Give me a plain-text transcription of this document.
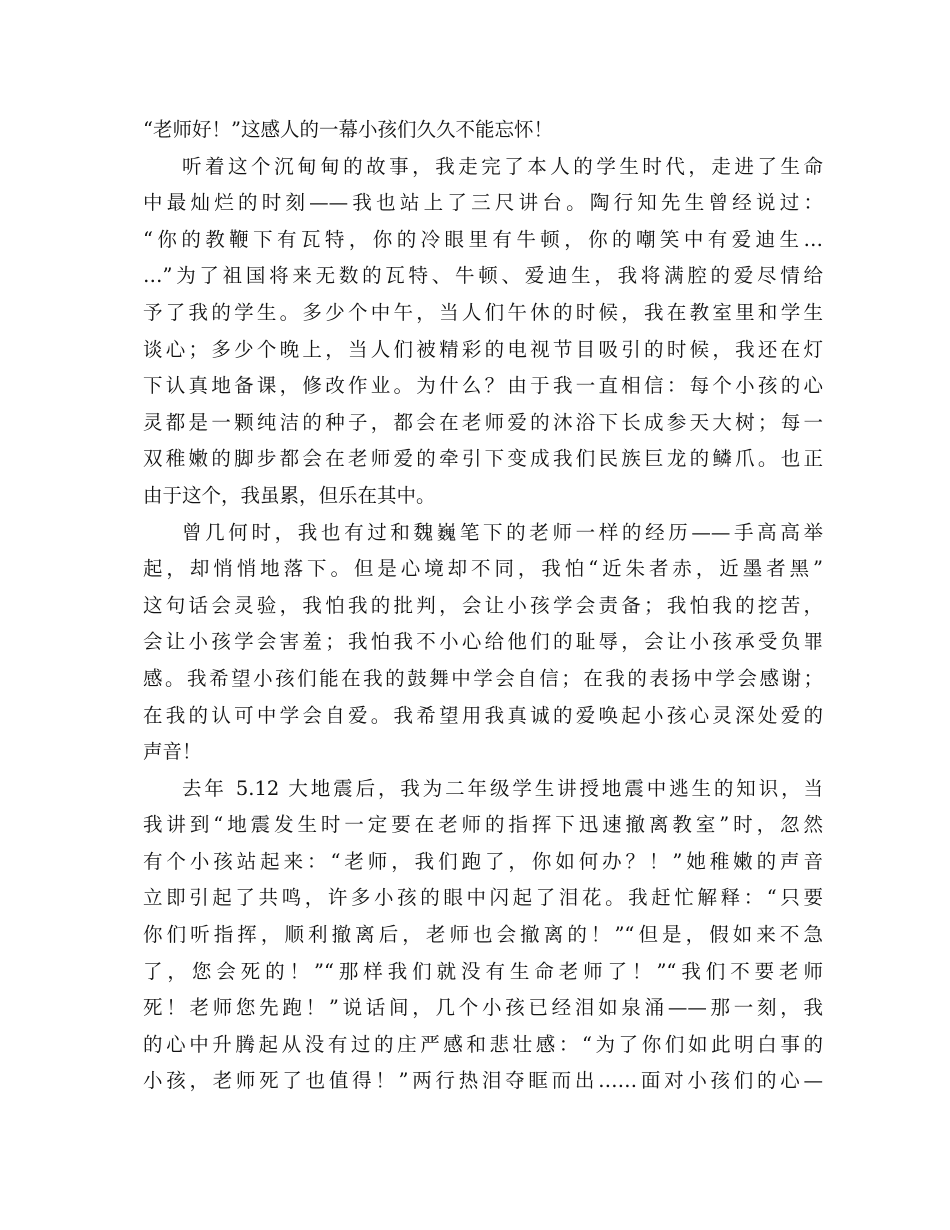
“老师好！”这感人的一幕小孩们久久不能忘怀！
听着这个沉甸甸的故事，我走完了本人的学生时代，走进了生命
中最灿烂的时刻——我也站上了三尺讲台。陶行知先生曾经说过：
“你的教鞭下有瓦特，你的冷眼里有牛顿，你的嘲笑中有爱迪生…
…”为了祖国将来无数的瓦特、牛顿、爱迪生，我将满腔的爱尽情给
予了我的学生。多少个中午，当人们午休的时候，我在教室里和学生
谈心；多少个晚上，当人们被精彩的电视节目吸引的时候，我还在灯
下认真地备课，修改作业。为什么？由于我一直相信：每个小孩的心
灵都是一颗纯洁的种子，都会在老师爱的沐浴下长成参天大树；每一
双稚嫩的脚步都会在老师爱的牵引下变成我们民族巨龙的鳞爪。也正
由于这个，我虽累，但乐在其中。
曾几何时，我也有过和魏巍笔下的老师一样的经历——手高高举
起，却悄悄地落下。但是心境却不同，我怕“近朱者赤，近墨者黑”
这句话会灵验，我怕我的批判，会让小孩学会责备；我怕我的挖苦，
会让小孩学会害羞；我怕我不小心给他们的耻辱，会让小孩承受负罪
感。我希望小孩们能在我的鼓舞中学会自信；在我的表扬中学会感谢；
在我的认可中学会自爱。我希望用我真诚的爱唤起小孩心灵深处爱的
声音！
去年 5.12 大地震后，我为二年级学生讲授地震中逃生的知识，当
我讲到“地震发生时一定要在老师的指挥下迅速撤离教室”时，忽然
有个小孩站起来：“老师，我们跑了，你如何办？！”她稚嫩的声音
立即引起了共鸣，许多小孩的眼中闪起了泪花。我赶忙解释：“只要
你们听指挥，顺利撤离后，老师也会撤离的！”“但是，假如来不急
了，您会死的！”“那样我们就没有生命老师了！”“我们不要老师
死！老师您先跑！”说话间，几个小孩已经泪如泉涌——那一刻，我
的心中升腾起从没有过的庄严感和悲壮感：“为了你们如此明白事的
小孩，老师死了也值得！”两行热泪夺眶而出……面对小孩们的心—
